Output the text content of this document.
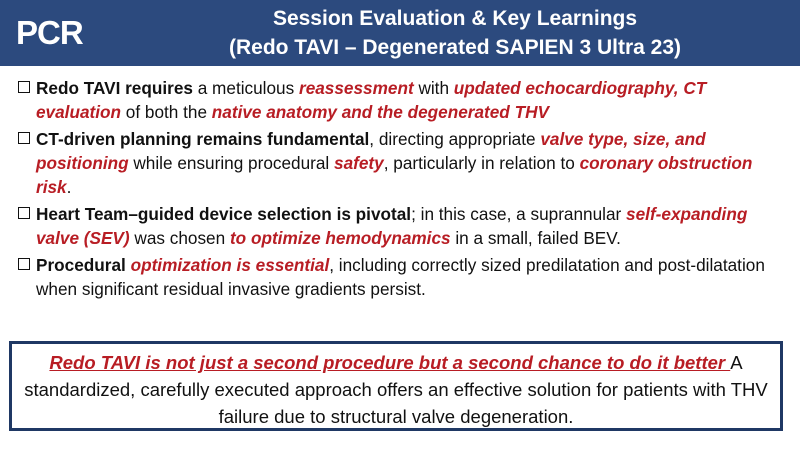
PCR	Session Evaluation & Key Learnings
(Redo TAVI – Degenerated SAPIEN 3 Ultra 23)
Redo TAVI requires a meticulous reassessment with updated echocardiography, CT evaluation of both the native anatomy and the degenerated THV
CT-driven planning remains fundamental, directing appropriate valve type, size, and positioning while ensuring procedural safety, particularly in relation to coronary obstruction risk.
Heart Team–guided device selection is pivotal; in this case, a suprannular self-expanding valve (SEV) was chosen to optimize hemodynamics in a small, failed BEV.
Procedural optimization is essential, including correctly sized predilatation and post-dilatation when significant residual invasive gradients persist.
Redo TAVI is not just a second procedure but a second chance to do it better A standardized, carefully executed approach offers an effective solution for patients with THV failure due to structural valve degeneration.
